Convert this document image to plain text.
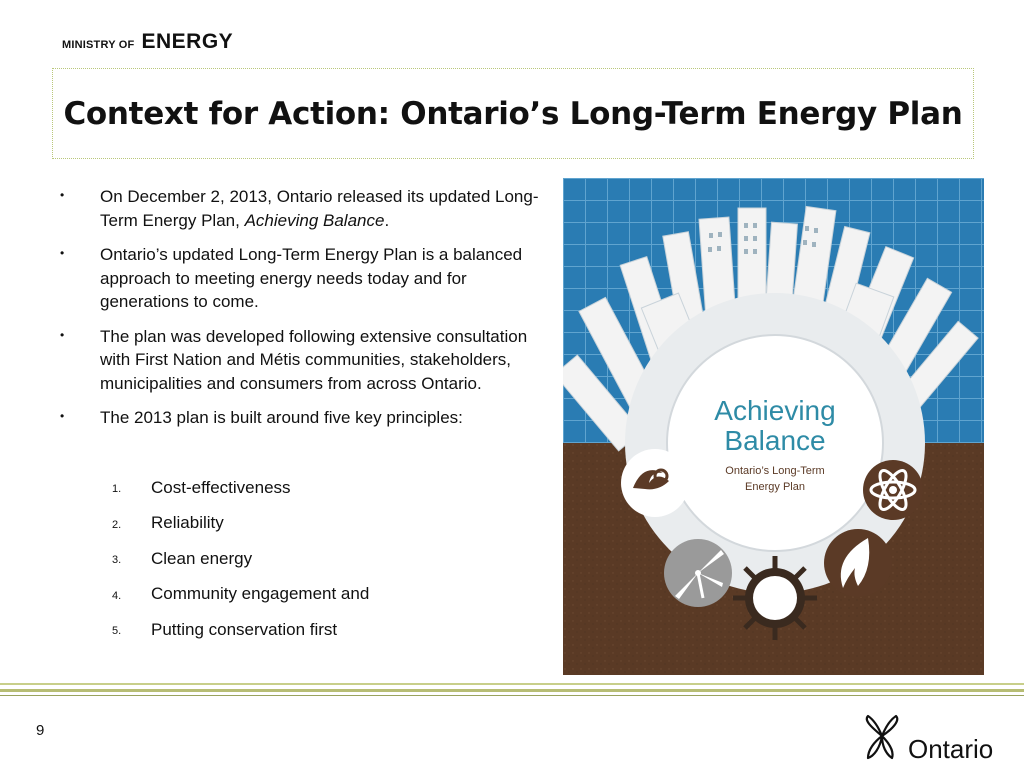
MINISTRY OF ENERGY
Context for Action: Ontario’s Long-Term Energy Plan
•	On December 2, 2013, Ontario released its updated Long-Term Energy Plan, Achieving Balance.
•	Ontario’s updated Long-Term Energy Plan is a balanced approach to meeting energy needs today and for generations to come.
•	The plan was developed following extensive consultation with First Nation and Métis communities, stakeholders, municipalities and consumers from across Ontario.
•	The 2013 plan is built around five key principles:
1.	Cost-effectiveness
2.	Reliability
3.	Clean energy
4.	Community engagement and
5.	Putting conservation first
Achieving
Balance
Ontario’s Long-Term
Energy Plan
9
Ontario
